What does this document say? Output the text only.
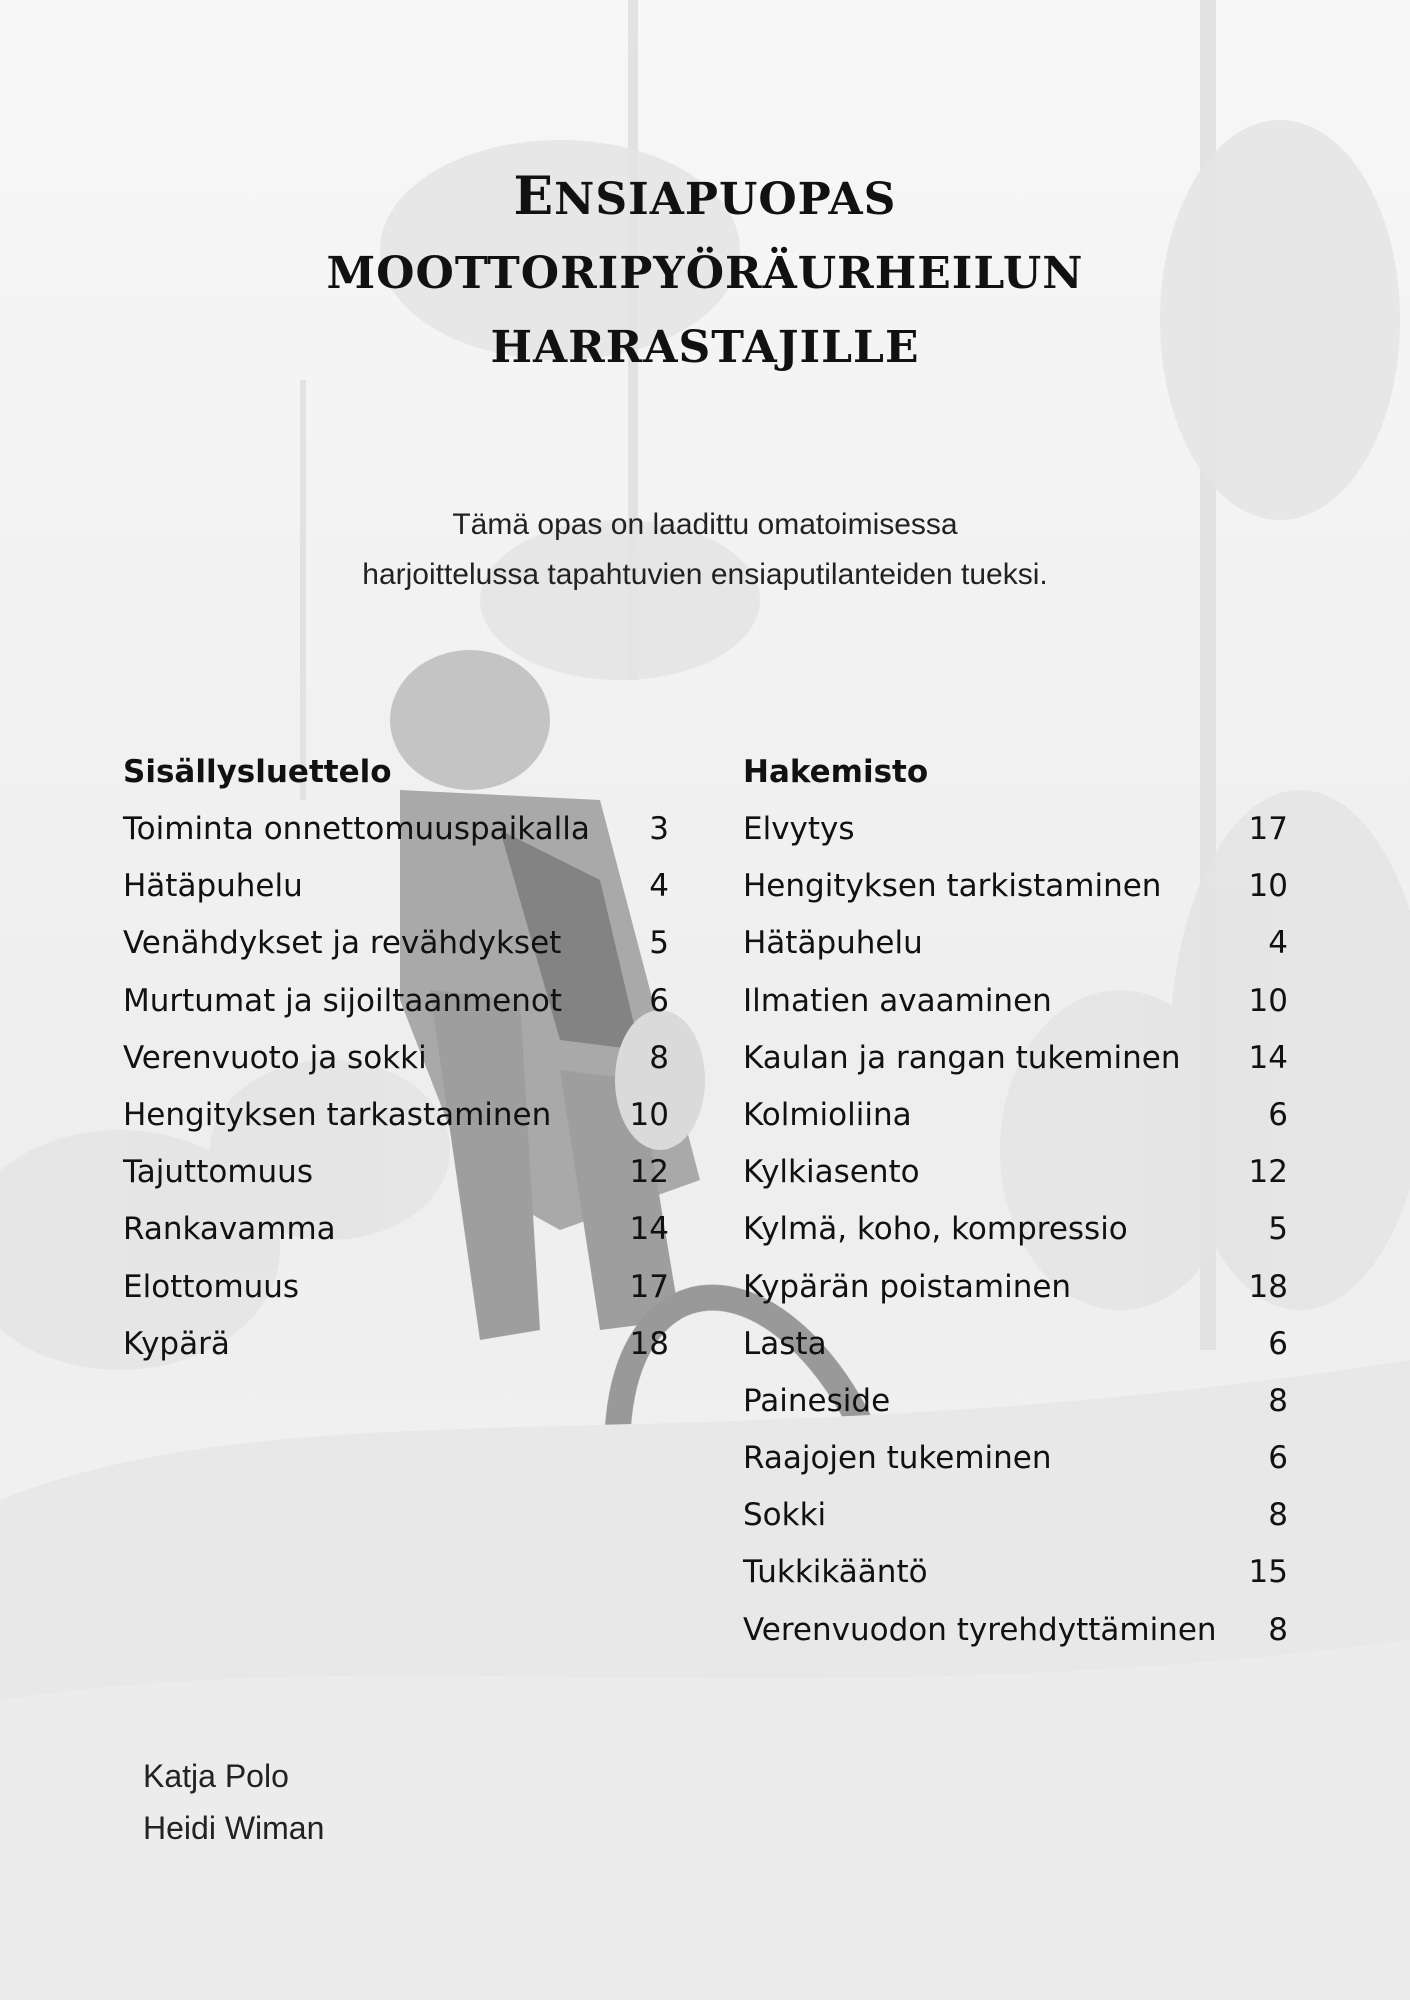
ENSIAPUOPAS
MOOTTORIPYÖRÄURHEILUN
HARRASTAJILLE
Tämä opas on laadittu omatoimisessa
harjoittelussa tapahtuvien ensiaputilanteiden tueksi.
Sisällysluettelo
Toiminta onnettomuuspaikalla 3
Hätäpuhelu	4
Venähdykset ja revähdykset	5
Murtumat ja sijoiltaanmenot	6
Verenvuoto ja sokki	8
Hengityksen tarkastaminen	10
Tajuttomuus	12
Rankavamma	14
Elottomuus	17
Kypärä	18
Hakemisto
Elvytys	17
Hengityksen tarkistaminen	10
Hätäpuhelu	4
Ilmatien avaaminen	10
Kaulan ja rangan tukeminen 14
Kolmioliina	6
Kylkiasento	12
Kylmä, koho, kompressio	5
Kypärän poistaminen	18
Lasta	6
Paineside	8
Raajojen tukeminen	6
Sokki	8
Tukkikääntö	15
Verenvuodon tyrehdyttäminen 8
Katja Polo
Heidi Wiman
